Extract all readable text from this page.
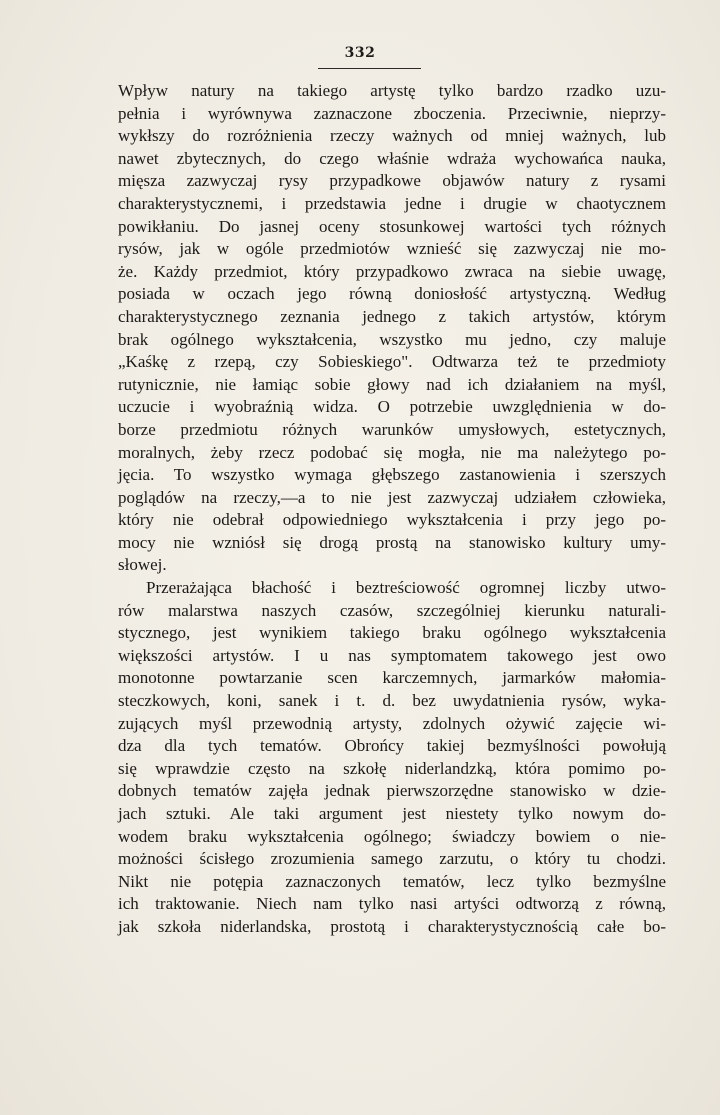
332
Wpływ natury na takiego artystę tylko bardzo rzadko uzu-
pełnia i wyrównywa zaznaczone zboczenia. Przeciwnie, nieprzy-
wykłszy do rozróżnienia rzeczy ważnych od mniej ważnych, lub
nawet zbytecznych, do czego właśnie wdraża wychowańca nauka,
mięsza zazwyczaj rysy przypadkowe objawów natury z rysami
charakterystycznemi, i przedstawia jedne i drugie w chaotycznem
powikłaniu. Do jasnej oceny stosunkowej wartości tych różnych
rysów, jak w ogóle przedmiotów wznieść się zazwyczaj nie mo-
że. Każdy przedmiot, który przypadkowo zwraca na siebie uwagę,
posiada w oczach jego równą doniosłość artystyczną. Według
charakterystycznego zeznania jednego z takich artystów, którym
brak ogólnego wykształcenia, wszystko mu jedno, czy maluje
„Kaśkę z rzepą, czy Sobieskiego". Odtwarza też te przedmioty
rutynicznie, nie łamiąc sobie głowy nad ich działaniem na myśl,
uczucie i wyobraźnią widza. O potrzebie uwzględnienia w do-
borze przedmiotu różnych warunków umysłowych, estetycznych,
moralnych, żeby rzecz podobać się mogła, nie ma należytego po-
jęcia. To wszystko wymaga głębszego zastanowienia i szerszych
poglądów na rzeczy,—a to nie jest zazwyczaj udziałem człowieka,
który nie odebrał odpowiedniego wykształcenia i przy jego po-
mocy nie wzniósł się drogą prostą na stanowisko kultury umy-
słowej.
Przerażająca błachość i beztreściowość ogromnej liczby utwo-
rów malarstwa naszych czasów, szczególniej kierunku naturali-
stycznego, jest wynikiem takiego braku ogólnego wykształcenia
większości artystów. I u nas symptomatem takowego jest owo
monotonne powtarzanie scen karczemnych, jarmarków małomia-
steczkowych, koni, sanek i t. d. bez uwydatnienia rysów, wyka-
zujących myśl przewodnią artysty, zdolnych ożywić zajęcie wi-
dza dla tych tematów. Obrońcy takiej bezmyślności powołują
się wprawdzie często na szkołę niderlandzką, która pomimo po-
dobnych tematów zajęła jednak pierwszorzędne stanowisko w dzie-
jach sztuki. Ale taki argument jest niestety tylko nowym do-
wodem braku wykształcenia ogólnego; świadczy bowiem o nie-
możności ścisłego zrozumienia samego zarzutu, o który tu chodzi.
Nikt nie potępia zaznaczonych tematów, lecz tylko bezmyślne
ich traktowanie. Niech nam tylko nasi artyści odtworzą z równą,
jak szkoła niderlandska, prostotą i charakterystycznością całe bo-
